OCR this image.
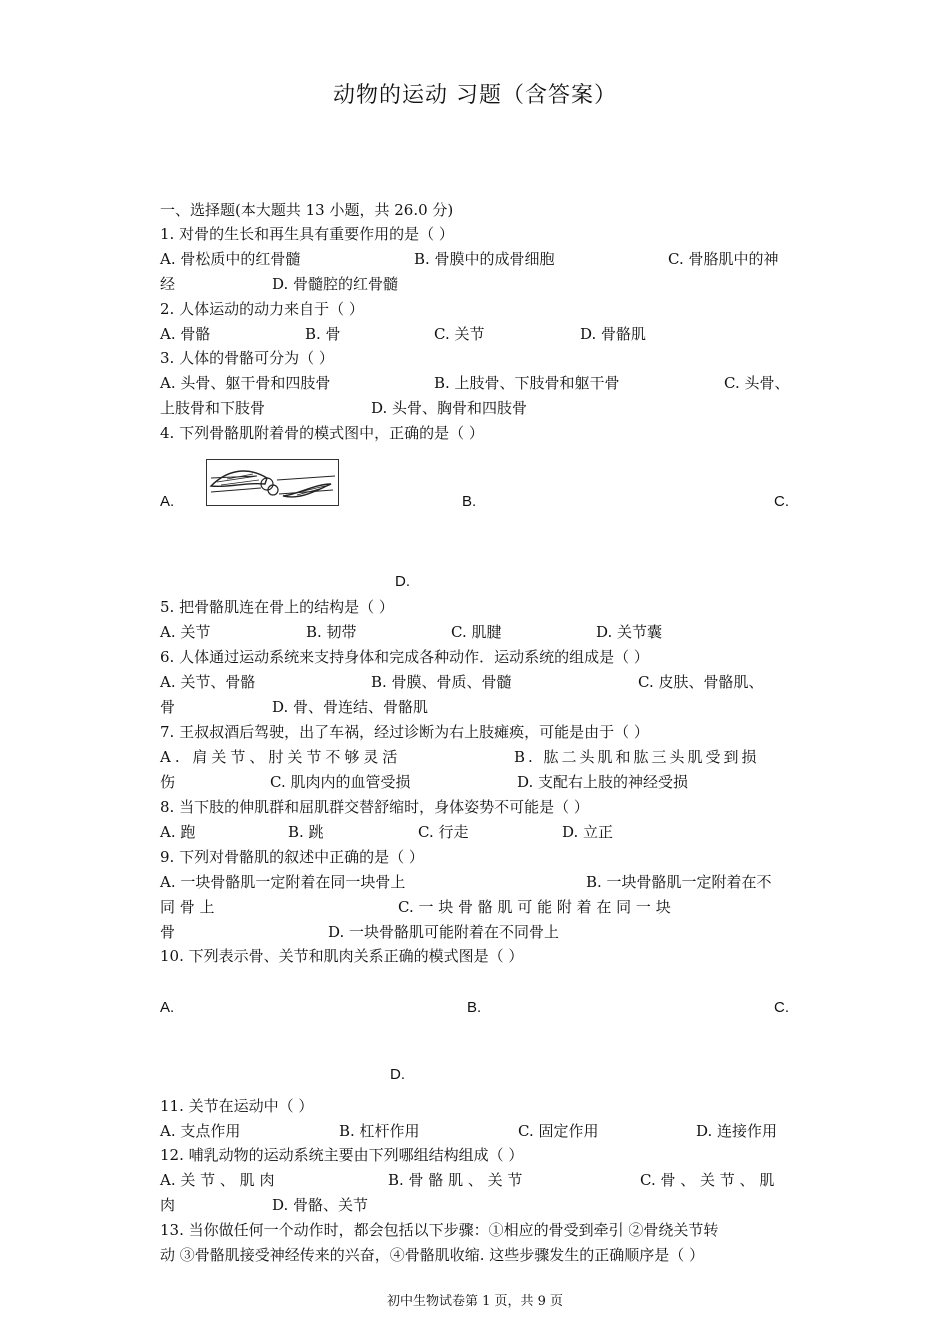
动物的运动 习题（含答案）
一、选择题(本大题共 13 小题，共 26.0 分)
1. 对骨的生长和再生具有重要作用的是（ ）
A. 骨松质中的红骨髓	B. 骨膜中的成骨细胞	C. 骨胳肌中的神
经	D. 骨髓腔的红骨髓
2. 人体运动的动力来自于（ ）
A. 骨骼	B. 骨	C. 关节	D. 骨骼肌
3. 人体的骨骼可分为（ ）
A. 头骨、躯干骨和四肢骨	B. 上肢骨、下肢骨和躯干骨	C. 头骨、
上肢骨和下肢骨	D. 头骨、胸骨和四肢骨
4. 下列骨骼肌附着骨的模式图中，正确的是（ ）
A.	B.	C.
D.
5. 把骨骼肌连在骨上的结构是（ ）
A. 关节	B. 韧带	C. 肌腱	D. 关节囊
6. 人体通过运动系统来支持身体和完成各种动作．运动系统的组成是（ ）
A. 关节、骨骼	B. 骨膜、骨质、骨髓	C. 皮肤、骨骼肌、
骨	D. 骨、骨连结、骨骼肌
7. 王叔叔酒后驾驶，出了车祸，经过诊断为右上肢瘫痪，可能是由于（ ）
A. 肩关节、肘关节不够灵活	B. 肱二头肌和肱三头肌受到损
伤	C. 肌肉内的血管受损	D. 支配右上肢的神经受损
8. 当下肢的伸肌群和屈肌群交替舒缩时，身体姿势不可能是（ ）
A. 跑	B. 跳	C. 行走	D. 立正
9. 下列对骨骼肌的叙述中正确的是（ ）
A. 一块骨骼肌一定附着在同一块骨上	B. 一块骨骼肌一定附着在不
同 骨 上	C. 一 块 骨 骼 肌 可 能 附 着 在 同 一 块
骨	D. 一块骨骼肌可能附着在不同骨上
10. 下列表示骨、关节和肌肉关系正确的模式图是（ ）
A.	B.	C.
D.
11. 关节在运动中（ ）
A. 支点作用	B. 杠杆作用	C. 固定作用	D. 连接作用
12. 哺乳动物的运动系统主要由下列哪组结构组成（ ）
A. 关 节 、 肌 肉	B. 骨 骼 肌 、 关 节	C. 骨 、 关 节 、 肌
肉	D. 骨骼、关节
13. 当你做任何一个动作时，都会包括以下步骤：①相应的骨受到牵引 ②骨绕关节转
动 ③骨骼肌接受神经传来的兴奋，④骨骼肌收缩. 这些步骤发生的正确顺序是（ ）
初中生物试卷第 1 页，共 9 页
